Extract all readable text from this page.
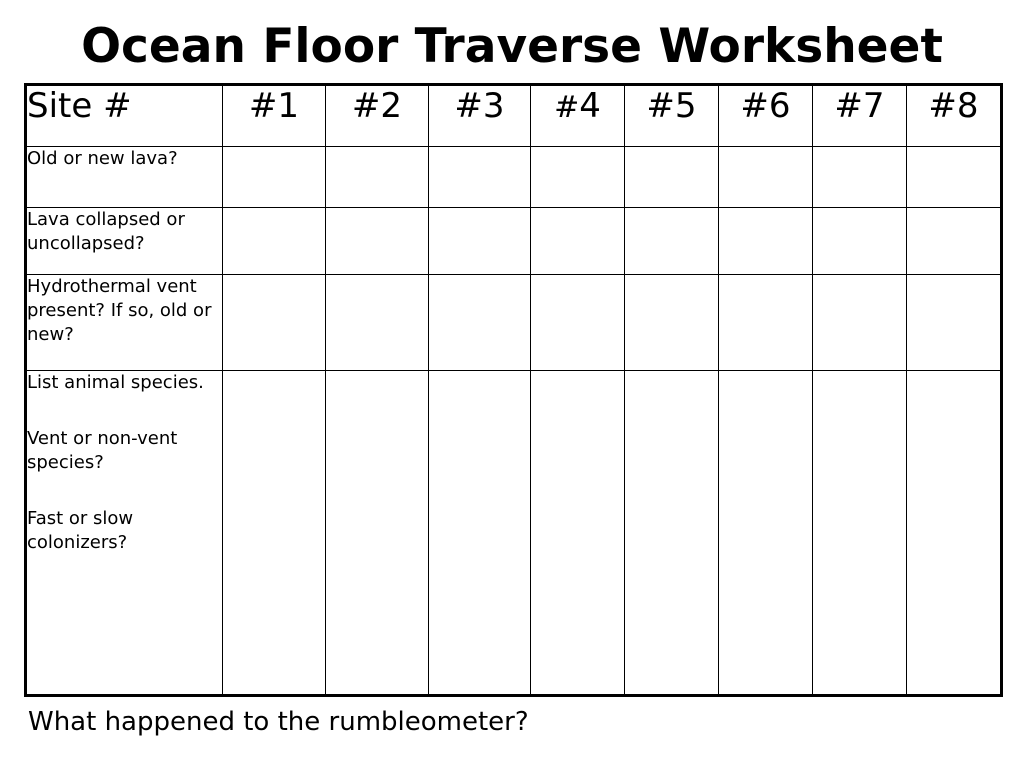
Ocean Floor Traverse Worksheet
Site #	#1	#2	#3	#4	#5	#6	#7	#8
Old or new lava?								
Lava collapsed or uncollapsed?								
Hydrothermal vent present? If so, old or new?								

List animal species.

Vent or non-vent species?

Fast or slow colonizers?								

What happened to the rumbleometer?
